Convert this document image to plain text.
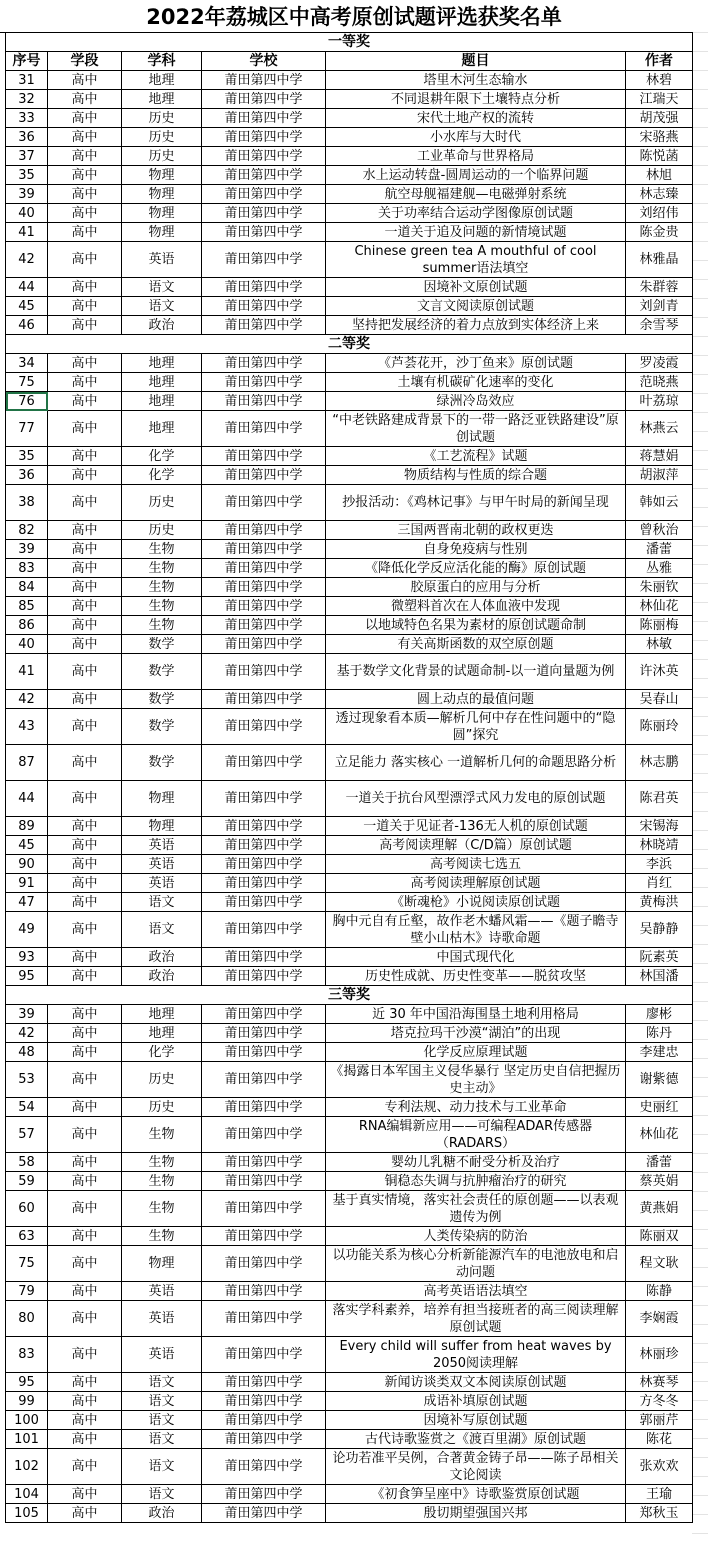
2022年荔城区中高考原创试题评选获奖名单
一等奖					
序号	学段	学科	学校	题目	作者
31	高中	地理	莆田第四中学	塔里木河生态输水	林碧
32	高中	地理	莆田第四中学	不同退耕年限下土壤特点分析	江瑞天
33	高中	历史	莆田第四中学	宋代土地产权的流转	胡茂强
36	高中	历史	莆田第四中学	小水库与大时代	宋骆燕
37	高中	历史	莆田第四中学	工业革命与世界格局	陈悦菡
35	高中	物理	莆田第四中学	水上运动转盘-圆周运动的一个临界问题	林旭
39	高中	物理	莆田第四中学	航空母舰福建舰—电磁弹射系统	林志臻
40	高中	物理	莆田第四中学	关于功率结合运动学图像原创试题	刘绍伟
41	高中	物理	莆田第四中学	一道关于追及问题的新情境试题	陈金贵
42	高中	英语	莆田第四中学	Chinese green tea A mouthful of cool summer语法填空	林雅晶
44	高中	语文	莆田第四中学	因境补文原创试题	朱群蓉
45	高中	语文	莆田第四中学	文言文阅读原创试题	刘剑青
46	高中	政治	莆田第四中学	坚持把发展经济的着力点放到实体经济上来	余雪琴
二等奖					
34	高中	地理	莆田第四中学	《芦荟花开，沙丁鱼来》原创试题	罗凌霞
75	高中	地理	莆田第四中学	土壤有机碳矿化速率的变化	范晓燕
76	高中	地理	莆田第四中学	绿洲冷岛效应	叶荔琼
77	高中	地理	莆田第四中学	“中老铁路建成背景下的一带一路泛亚铁路建设”原创试题	林燕云
35	高中	化学	莆田第四中学	《工艺流程》试题	蒋慧娟
36	高中	化学	莆田第四中学	物质结构与性质的综合题	胡淑萍
38	高中	历史	莆田第四中学	抄报活动：《鸡林记事》与甲午时局的新闻呈现	韩如云
82	高中	历史	莆田第四中学	三国两晋南北朝的政权更迭	曾秋治
39	高中	生物	莆田第四中学	自身免疫病与性别	潘蕾
83	高中	生物	莆田第四中学	《降低化学反应活化能的酶》原创试题	丛雅
84	高中	生物	莆田第四中学	胶原蛋白的应用与分析	朱丽钦
85	高中	生物	莆田第四中学	微塑料首次在人体血液中发现	林仙花
86	高中	生物	莆田第四中学	以地域特色名果为素材的原创试题命制	陈丽梅
40	高中	数学	莆田第四中学	有关高斯函数的双空原创题	林敏
41	高中	数学	莆田第四中学	基于数学文化背景的试题命制-以一道向量题为例	许沐英
42	高中	数学	莆田第四中学	圆上动点的最值问题	吴春山
43	高中	数学	莆田第四中学	透过现象看本质—解析几何中存在性问题中的“隐圆”探究	陈丽玲
87	高中	数学	莆田第四中学	立足能力 落实核心 一道解析几何的命题思路分析	林志鹏
44	高中	物理	莆田第四中学	一道关于抗台风型漂浮式风力发电的原创试题	陈君英
89	高中	物理	莆田第四中学	一道关于见证者-136无人机的原创试题	宋锡海
45	高中	英语	莆田第四中学	高考阅读理解（C/D篇）原创试题	林晓靖
90	高中	英语	莆田第四中学	高考阅读七选五	李浜
91	高中	英语	莆田第四中学	高考阅读理解原创试题	肖红
47	高中	语文	莆田第四中学	《断魂枪》小说阅读原创试题	黄梅洪
49	高中	语文	莆田第四中学	胸中元自有丘壑，故作老木蟠风霜——《题子瞻寺壁小山枯木》诗歌命题	吴静静
93	高中	政治	莆田第四中学	中国式现代化	阮素英
95	高中	政治	莆田第四中学	历史性成就、历史性变革——脱贫攻坚	林国潘
三等奖					
39	高中	地理	莆田第四中学	近 30 年中国沿海围垦土地利用格局	廖彬
42	高中	地理	莆田第四中学	塔克拉玛干沙漠“湖泊”的出现	陈丹
48	高中	化学	莆田第四中学	化学反应原理试题	李建忠
53	高中	历史	莆田第四中学	《揭露日本军国主义侵华暴行 坚定历史自信把握历史主动》	谢紫德
54	高中	历史	莆田第四中学	专利法规、动力技术与工业革命	史丽红
57	高中	生物	莆田第四中学	RNA编辑新应用——可编程ADAR传感器（RADARS）	林仙花
58	高中	生物	莆田第四中学	婴幼儿乳糖不耐受分析及治疗	潘蕾
59	高中	生物	莆田第四中学	铜稳态失调与抗肿瘤治疗的研究	蔡英娟
60	高中	生物	莆田第四中学	基于真实情境，落实社会责任的原创题——以表观遗传为例	黄燕娟
63	高中	生物	莆田第四中学	人类传染病的防治	陈丽双
75	高中	物理	莆田第四中学	以功能关系为核心分析新能源汽车的电池放电和启动问题	程文耿
79	高中	英语	莆田第四中学	高考英语语法填空	陈静
80	高中	英语	莆田第四中学	落实学科素养，培养有担当接班者的高三阅读理解原创试题	李娴霞
83	高中	英语	莆田第四中学	Every child will suffer from heat waves by 2050阅读理解	林丽珍
95	高中	语文	莆田第四中学	新闻访谈类双文本阅读原创试题	林赛琴
99	高中	语文	莆田第四中学	成语补填原创试题	方冬冬
100	高中	语文	莆田第四中学	因境补写原创试题	郭丽芹
101	高中	语文	莆田第四中学	古代诗歌鉴赏之《渡百里湖》原创试题	陈花
102	高中	语文	莆田第四中学	论功若准平吴例，合著黄金铸子昂——陈子昂相关文论阅读	张欢欢
104	高中	语文	莆田第四中学	《初食笋呈座中》诗歌鉴赏原创试题	王瑜
105	高中	政治	莆田第四中学	殷切期望强国兴邦	郑秋玉
